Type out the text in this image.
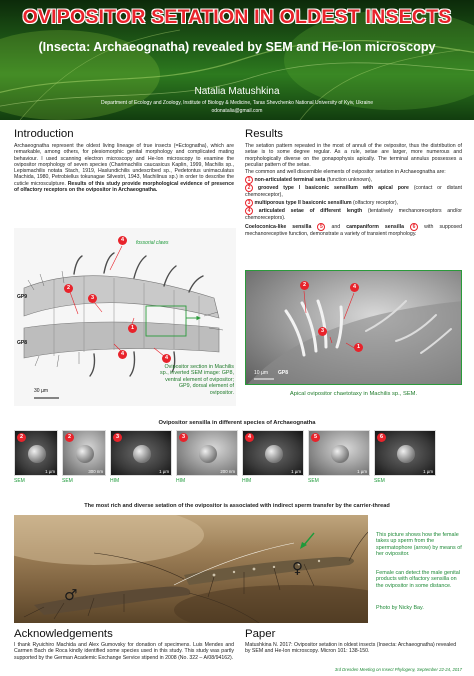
OVIPOSITOR SETATION IN OLDEST INSECTS
(Insecta: Archaeognatha) revealed by SEM and He-Ion microscopy
Natalia Matushkina
Department of Ecology and Zoology, Institute of Biology & Medicine, Taras Shevchenko National University of Kyiv, Ukraine
odonatalia@gmail.com
Introduction
Archaeognatha represent the oldest living lineage of true insects (=Ectognatha), which are remarkable, among others, for plesiomorphic genital morphology and complicated mating behaviour. I used scanning electron microscopy and He-Ion microscopy to examine the ovipositor morphology of seven species (Charimachilis caucasicus Kaplin, 1999, Machilis sp., Lepismachilis notata Stach, 1919, Haslundichilis undescribed sp., Pedetontus unimaculatus Machida, 1980, Petrobiellus tokunagae Silvestri, 1943, Machilinus sp.) in order to describe the cuticle microsculpture. Results of this study provide morphological evidence of presence of olfactory receptors on the ovipositor in Archaeognatha.
fossorial claws
GP9
GP8
30 µm
4
2
3
1
4
4
Ovipositor section in Machilis sp., inverted SEM image: GP8, ventral element of ovipositor; GP9, dorsal element of ovipositor.
Results
The setation pattern repeated in the most of annuli of the ovipositor, thus the distribution of setae is to some degree regular. As a rule, setae are larger, more numerous and morphologically diverse on the gonapophysis apically. The terminal annulus possesses a peculiar pattern of the setae.
The common and well discernible elements of ovipositor setation in Archaeognatha are:
1 non-articulated terminal seta (function unknown),
2 grooved type I basiconic sensillum with apical pore (contact or distant chemoreceptor),
3 multiporous type II basiconic sensillum (olfactory receptor),
4 articulated setae of different length (tentatively mechanoreceptors and/or chemoreceptors).
Coeloconica-like sensilla 5 and campaniform sensilla 6 with supposed mechanoreceptive function, demonstrate a variety of transient morphology.
2	4
3
1
10 µm GP8
Apical ovipositor chaetotaxy in Machilis sp., SEM.
Ovipositor sensilla in different species of Archaeognatha
2
1 µm
SEM
2
300 nm
SEM
3
1 µm
HIM
3
200 nm
HIM
4
1 µm
HIM
5
1 µm
SEM
6
1 µm
SEM
The most rich and diverse setation of the ovipositor is associated with indirect sperm transfer by the carrier-thread
♂
♀
This picture shows how the female takes up sperm from the spermatophore (arrow) by means of her ovipositor.
Female can detect the male genital products with olfactory sensilla on the ovipositor in some distance.
Photo by Nicky Bay.
Acknowledgements
I thank Ryuichiro Machida and Alex Gumovsky for donation of specimens. Luis Mendes and Carmen Bach de Roca kindly identified some species used in this study. This study was partly supported by the German Academic Exchange Service stipend in 2008 (No. 322 – A/08/94162).
Paper
Matushkina N. 2017: Ovipositor setation in oldest insects (Insecta: Archaeognatha) revealed by SEM and He-Ion microscopy. Micron 101: 138-150.
3rd Dresden Meeting on Insect Phylogeny, September 22-24, 2017
